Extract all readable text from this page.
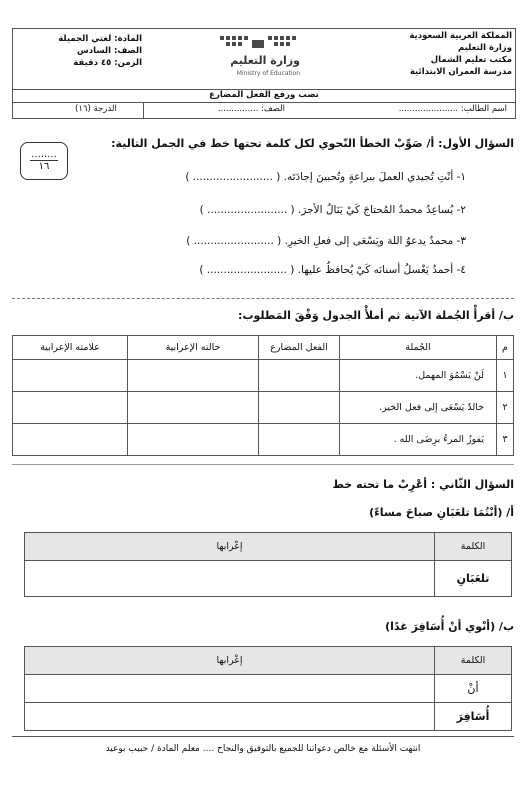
المملكة العربية السعودية
وزارة التعليم
مكتب تعليم الشمال
مدرسة العمران الابتدائية
المادة: لغتي الجميلة
الصف: السادس
الزمن: ٤٥ دقيقة	وزارة التعليم
Ministry of Education
نصب ورفع الفعل المضارع
اسم الطالب: ......................
الصف: ...............
الدرجة (١٦)
السؤال الأول: أ/ صَوِّبْ الخطأ النّحوي لكل كلمة تحتها خط في الجمل التالية:
........
١٦
١- أنْتِ تُجيدي العملَ ببراعةٍ وتُحبينَ إجادَتَه. ( ........................ )
٢- يُساعِدُ محمدٌ المُحتاجَ كَيْ يَنَالُ الأجرَ. ( ........................ )
٣- محمدٌ يدعوُ اللهَ ويَسْعَى إلى فعلِ الخيرِ. ( ........................ )
٤- أحمدُ يَغْسلُ أسنانَه كَيْ يُحافظُ عليها. ( ........................ )
ب/ أقرأْ الجُملة الآتية ثم أملأْ الجدول وَفْقَ المَطلوب:
م	الجُملة	الفعل المضارع	حالته الإعرابية	علامته الإعرابية
١	لَنْ يَسْمُوَ المهمل.			
٢	خالدٌ يَسْعَى إلى فعل الخير.			
٣	يَفوزُ المرءُ برِضَى الله .			
السؤال الثّاني : أعْرِبْ ما تحته خط
أ/ (أنْتُمَا تلعَبَانِ صباحَ مساءً)
الكلمة	إعْرابها
تلعَبَانِ	
ب/ (أنْوي أنْ أُسَافِرَ غدًا)
الكلمة	إعْرابها
أنْ	
أُسَافِرَ	
انتهت الأسئلة مع خالص دعواتنا للجميع بالتوفيق والنجاح .... معلم المادة / حبيب بوعيد
